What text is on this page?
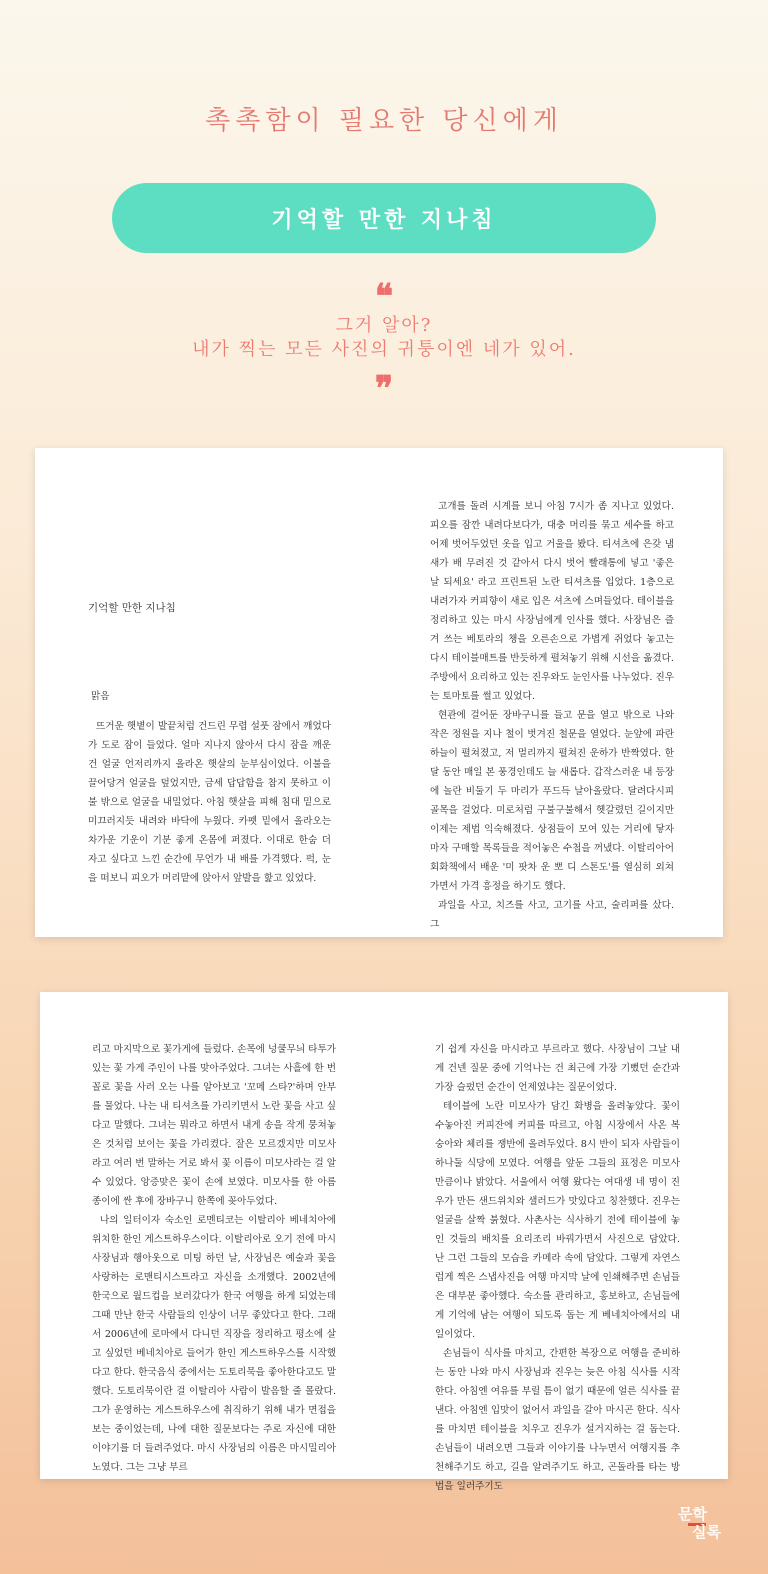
촉촉함이 필요한 당신에게
기억할 만한 지나침
❝
그거 알아?
내가 찍는 모든 사진의 귀퉁이엔 네가 있어.
❞
기억할 만한 지나침
맑음

뜨거운 햇볕이 발끝처럼 건드린 무렵 설풋 잠에서 깨었다가 도로 잠이 들었다. 얼마 지나지 않아서 다시 잠을 깨운 건 얼굴 언저리까지 올라온 햇살의 눈부심이었다. 이불을 끌어당겨 얼굴을 덮었지만, 금세 답답함을 참지 못하고 이불 밖으로 얼굴을 내밀었다. 아침 햇살을 피해 침대 밑으로 미끄러지듯 내려와 바닥에 누웠다. 카펫 밑에서 올라오는 차가운 기운이 기분 좋게 온몸에 퍼졌다. 이대로 한숨 더 자고 싶다고 느낀 순간에 무언가 내 배를 가격했다. 퍽, 눈을 떠보니 피오가 머리맡에 앉아서 앞발을 핥고 있었다.

고개를 돌려 시계를 보니 아침 7시가 좀 지나고 있었다. 피오를 잠깐 내려다보다가, 대충 머리를 묶고 세수를 하고 어제 벗어두었던 옷을 입고 거울을 봤다. 티셔츠에 은갖 냄새가 배 무려진 것 같아서 다시 벗어 빨래통에 넣고 '좋은 날 되세요' 라고 프린트된 노란 티셔츠를 입었다. 1층으로 내려가자 커피향이 새로 입은 셔츠에 스며들었다. 테이블을 정리하고 있는 마시 사장님에게 인사를 했다. 사장님은 즐겨 쓰는 베토라의 챙을 오른손으로 가볍게 쥐었다 놓고는 다시 테이블매트를 반듯하게 펼쳐놓기 위해 시선을 옮겼다. 주방에서 요리하고 있는 진우와도 눈인사를 나누었다. 진우는 토마토를 썰고 있었다.

현관에 걸어둔 장바구니를 들고 문을 열고 밖으로 나와 작은 정원을 지나 철이 벗겨진 철문을 열었다. 눈앞에 파란 하늘이 펼쳐졌고, 저 멀리까지 펼쳐진 운하가 반짝였다. 한 달 동안 매일 본 풍경인데도 늘 새롭다. 갑작스러운 내 등장에 놀란 비둘기 두 마리가 푸드득 날아올랐다. 달려다시피 골목을 걸었다. 미로처럼 구불구불해서 헷갈렸던 길이지만 이제는 제법 익숙해졌다. 상점들이 모여 있는 거리에 닿자마자 구매할 목록들을 적어놓은 수첩을 꺼냈다. 이탈리아어 회화책에서 배운 '미 팟차 운 뽀 디 스톤도'를 열심히 외쳐가면서 가격 흥정을 하기도 했다.

과일을 사고, 치즈를 사고, 고기를 사고, 술리퍼를 샀다. 그

리고 마지막으로 꽃가게에 들렀다. 손목에 넝쿨무늬 타투가 있는 꽃 가게 주인이 나를 맞아주었다. 그녀는 사흘에 한 번 꼴로 꽃을 사러 오는 나를 알아보고 '꼬메 스타?'하며 안부를 물었다. 나는 내 티셔츠를 가리키면서 노란 꽃을 사고 싶다고 말했다. 그녀는 뭐라고 하면서 내게 송을 작게 뭉쳐놓은 것처럼 보이는 꽃을 가리켰다. 잘은 모르겠지만 미모사라고 여러 번 말하는 거로 봐서 꽃 이름이 미모사라는 걸 알 수 있었다. 앙증맞은 꽃이 손에 보였다. 미모사를 한 아름 종이에 싼 후에 장바구니 한쪽에 꽂아두었다.

나의 일터이자 숙소인 로멘티코는 이탈리아 베네치아에 위치한 한인 게스트하우스이다. 이탈리아로 오기 전에 마시 사장님과 행아웃으로 미팅 하던 날, 사장님은 예술과 꽃을 사랑하는 로맨티시스트라고 자신을 소개했다. 2002년에 한국으로 월드컵을 보러갔다가 한국 여행을 하게 되었는데 그때 만난 한국 사람들의 인상이 너무 좋았다고 한다. 그래서 2006년에 로마에서 다니던 직장을 정리하고 평소에 살고 싶었던 베네치아로 들어가 한인 게스트하우스를 시작했다고 한다. 한국음식 중에서는 도토리묵을 좋아한다고도 말했다. 도토리묵이란 걸 이탈리아 사람이 발음할 줄 몰랐다. 그가 운영하는 게스트하우스에 취직하기 위해 내가 면접을 보는 중이었는데, 나에 대한 질문보다는 주로 자신에 대한 이야기를 더 들려주었다. 마시 사장님의 이름은 마시밀리아노였다. 그는 그냥 부르

기 쉽게 자신을 마시라고 부르라고 했다. 사장님이 그날 내게 건넨 질문 중에 기억나는 건 최근에 가장 기뻤던 순간과 가장 슬펐던 순간이 언제였냐는 질문이었다.

테이블에 노란 미모사가 담긴 화병을 올려놓았다. 꽃이 수놓아진 커피잔에 커피를 따르고, 아침 시장에서 사온 복숭아와 체리를 쟁반에 올려두었다. 8시 반이 되자 사람들이 하나둘 식당에 모였다. 여행을 앞둔 그들의 표정은 미모사만큼이나 밝았다. 서울에서 여행 왔다는 여대생 네 명이 진우가 만든 샌드위치와 샐러드가 맛있다고 칭찬했다. 진우는 얼굴을 살짝 붉혔다. 사촌사는 식사하기 전에 테이블에 놓인 것들의 배치를 요리조리 바꿔가면서 사진으로 담았다. 난 그런 그들의 모습을 카메라 속에 담았다. 그렇게 자연스럽게 찍은 스냅사진을 여행 마지막 날에 인쇄해주면 손님들은 대부분 좋아했다. 숙소를 관리하고, 홍보하고, 손님들에게 기억에 남는 여행이 되도록 돕는 게 베네치아에서의 내 일이었다.

손님들이 식사를 마치고, 간편한 복장으로 여행을 준비하는 동안 나와 마시 사장님과 진우는 늦은 아침 식사를 시작한다. 아침엔 여유를 부릴 틈이 없기 때문에 얼른 식사를 끝낸다. 아침엔 입맛이 없어서 과일을 갈아 마시곤 한다. 식사를 마치면 테이블을 치우고 진우가 설거지하는 걸 돕는다. 손님들이 내려오면 그들과 이야기를 나누면서 여행지를 추천해주기도 하고, 길을 알려주기도 하고, 곤돌라를 타는 방법을 일러주기도

문학
실록
